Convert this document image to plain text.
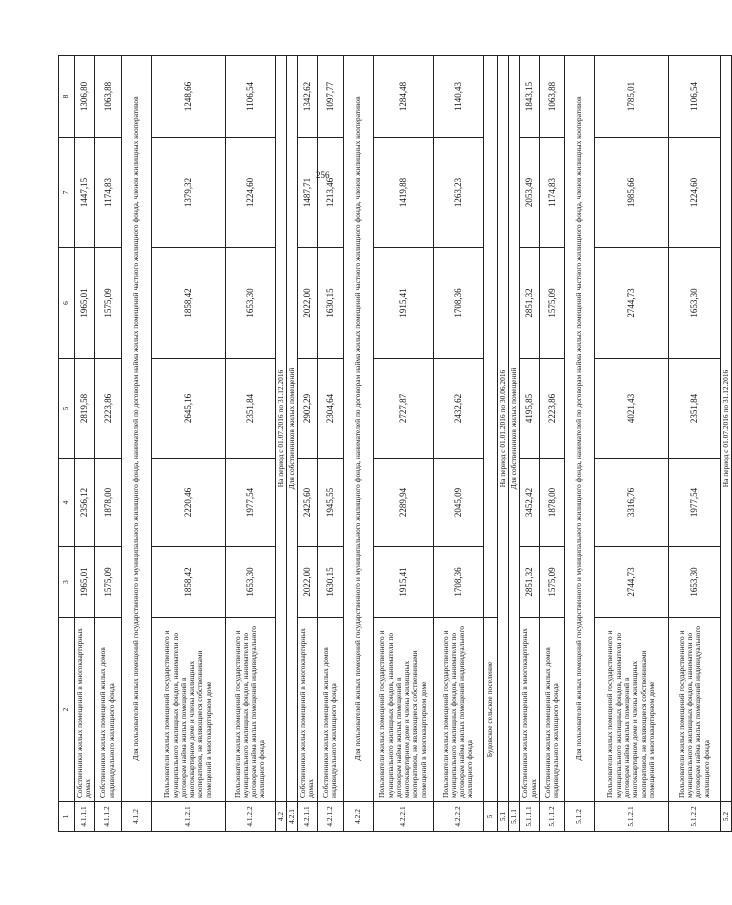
256
1	2	3	4	5	6	7	8
4.1.1.1	Собственники жилых помещений в многоквартирных домах	1965,01	2356,12	2819,58	1965,01	1447,15	1306,80
4.1.1.2	Собственники жилых помещений жилых домов индивидуального жилищного фонда	1575,09	1878,00	2223,86	1575,09	1174,83	1063,88
4.1.2	Для пользователей жилых помещений государственного и муниципального жилищного фонда, нанимателей по договорам найма жилых помещений частного жилищного фонда, членов жилищных кооперативов						
4.1.2.1	Пользователи жилых помещений государственного и муниципального жилищных фондов, наниматели по договорам найма жилых помещений в многоквартирном доме и члены жилищных кооперативов, не являющиеся собственниками помещений в многоквартирном доме	1858,42	2220,46	2645,16	1858,42	1379,32	1248,66
4.1.2.2	Пользователи жилых помещений государственного и муниципального жилищных фондов, наниматели по договорам найма жилых помещений индивидуального жилищного фонда	1653,30	1977,54	2351,84	1653,30	1224,60	1106,54
4.2	На период с 01.07.2016 по 31.12.2016						
4.2.1	Для собственников жилых помещений						
4.2.1.1	Собственники жилых помещений в многоквартирных домах	2022,00	2425,60	2902,29	2022,00	1487,71	1342,62
4.2.1.2	Собственники жилых помещений жилых домов индивидуального жилищного фонда	1630,15	1945,55	2304,64	1630,15	1213,46	1097,77
4.2.2	Для пользователей жилых помещений государственного и муниципального жилищного фонда, нанимателей по договорам найма жилых помещений частного жилищного фонда, членов жилищных кооперативов						
4.2.2.1	Пользователи жилых помещений государственного и муниципального жилищных фондов, наниматели по договорам найма жилых помещений в многоквартирном доме и члены жилищных кооперативов, не являющиеся собственниками помещений в многоквартирном доме	1915,41	2289,94	2727,87	1915,41	1419,88	1284,48
4.2.2.2	Пользователи жилых помещений государственного и муниципального жилищных фондов, наниматели по договорам найма жилых помещений индивидуального жилищного фонда	1708,36	2045,09	2432,62	1708,36	1263,23	1140,43
5	Будовское сельское поселение						
5.1	На период с 01.01.2016 по 30.06.2016						
5.1.1	Для собственников жилых помещений						
5.1.1.1	Собственники жилых помещений в многоквартирных домах	2851,32	3452,42	4195,85	2851,32	2053,49	1843,15
5.1.1.2	Собственники жилых помещений жилых домов индивидуального жилищного фонда	1575,09	1878,00	2223,86	1575,09	1174,83	1063,88
5.1.2	Для пользователей жилых помещений государственного и муниципального жилищного фонда, нанимателей по договорам найма жилых помещений частного жилищного фонда, членов жилищных кооперативов						
5.1.2.1	Пользователи жилых помещений государственного и муниципального жилищных фондов, наниматели по договорам найма жилых помещений в многоквартирном доме и члены жилищных кооперативов, не являющиеся собственниками помещений в многоквартирном доме	2744,73	3316,76	4021,43	2744,73	1985,66	1785,01
5.1.2.2	Пользователи жилых помещений государственного и муниципального жилищных фондов, наниматели по договорам найма жилых помещений индивидуального жилищного фонда	1653,30	1977,54	2351,84	1653,30	1224,60	1106,54
5.2	На период с 01.07.2016 по 31.12.2016						
